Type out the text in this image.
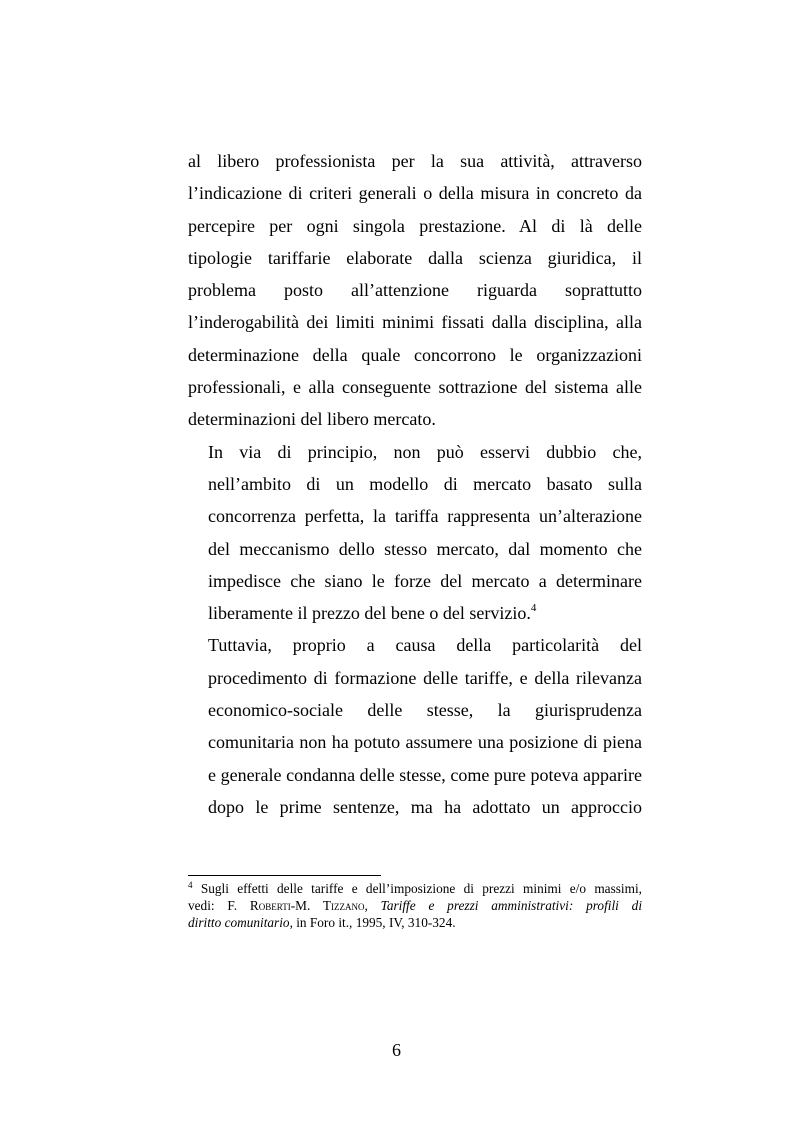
al libero professionista per la sua attività, attraverso
l’indicazione di criteri generali o della misura in concreto da
percepire per ogni singola prestazione. Al di là delle
tipologie tariffarie elaborate dalla scienza giuridica, il
problema posto all’attenzione riguarda soprattutto
l’inderogabilità dei limiti minimi fissati dalla disciplina, alla
determinazione della quale concorrono le organizzazioni
professionali, e alla conseguente sottrazione del sistema alle
determinazioni del libero mercato.

In via di principio, non può esservi dubbio che,
nell’ambito di un modello di mercato basato sulla
concorrenza perfetta, la tariffa rappresenta un’alterazione
del meccanismo dello stesso mercato, dal momento che
impedisce che siano le forze del mercato a determinare
liberamente il prezzo del bene o del servizio.$^4$

Tuttavia, proprio a causa della particolarità del
procedimento di formazione delle tariffe, e della rilevanza
economico-sociale	delle	stesse,	la	giurisprudenza
comunitaria non ha potuto assumere una posizione di piena
e generale condanna delle stesse, come pure poteva apparire
dopo le prime sentenze, ma ha adottato un approccio

$^4$ Sugli effetti delle tariffe e dell’imposizione di prezzi minimi e/o massimi,
vedi: F. Roberti-M. Tizzano, Tariffe e prezzi amministrativi: profili di
diritto comunitario, in Foro it., 1995, IV, 310-324.
6
